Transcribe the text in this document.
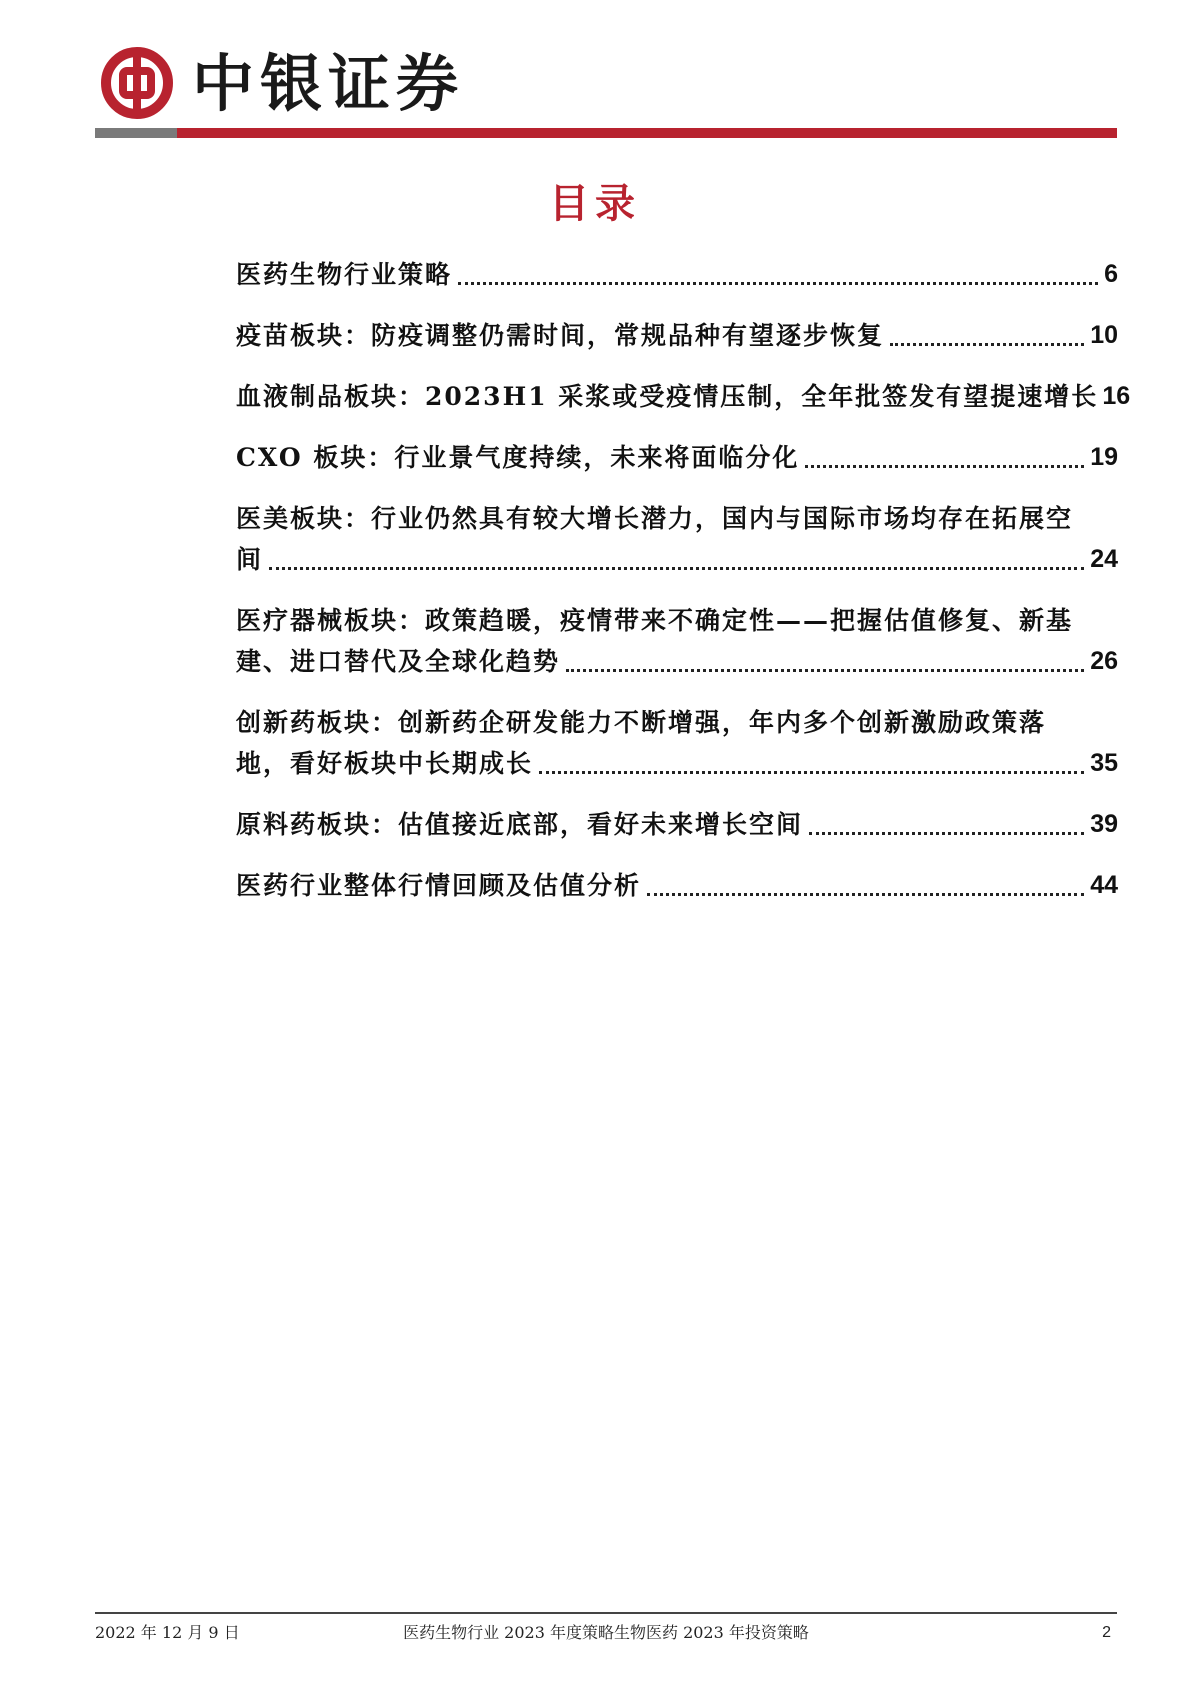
中银证券
目录
医药生物行业策略	6
疫苗板块：防疫调整仍需时间，常规品种有望逐步恢复	10
血液制品板块：2023H1 采浆或受疫情压制，全年批签发有望提速增长 16
CXO 板块：行业景气度持续，未来将面临分化	19
医美板块：行业仍然具有较大增长潜力，国内与国际市场均存在拓展空
间	24
医疗器械板块：政策趋暖，疫情带来不确定性——把握估值修复、新基
建、进口替代及全球化趋势	26
创新药板块：创新药企研发能力不断增强，年内多个创新激励政策落
地，看好板块中长期成长	35
原料药板块：估值接近底部，看好未来增长空间	39
医药行业整体行情回顾及估值分析	44
2022 年 12 月 9 日	医药生物行业 2023 年度策略生物医药 2023 年投资策略	2
